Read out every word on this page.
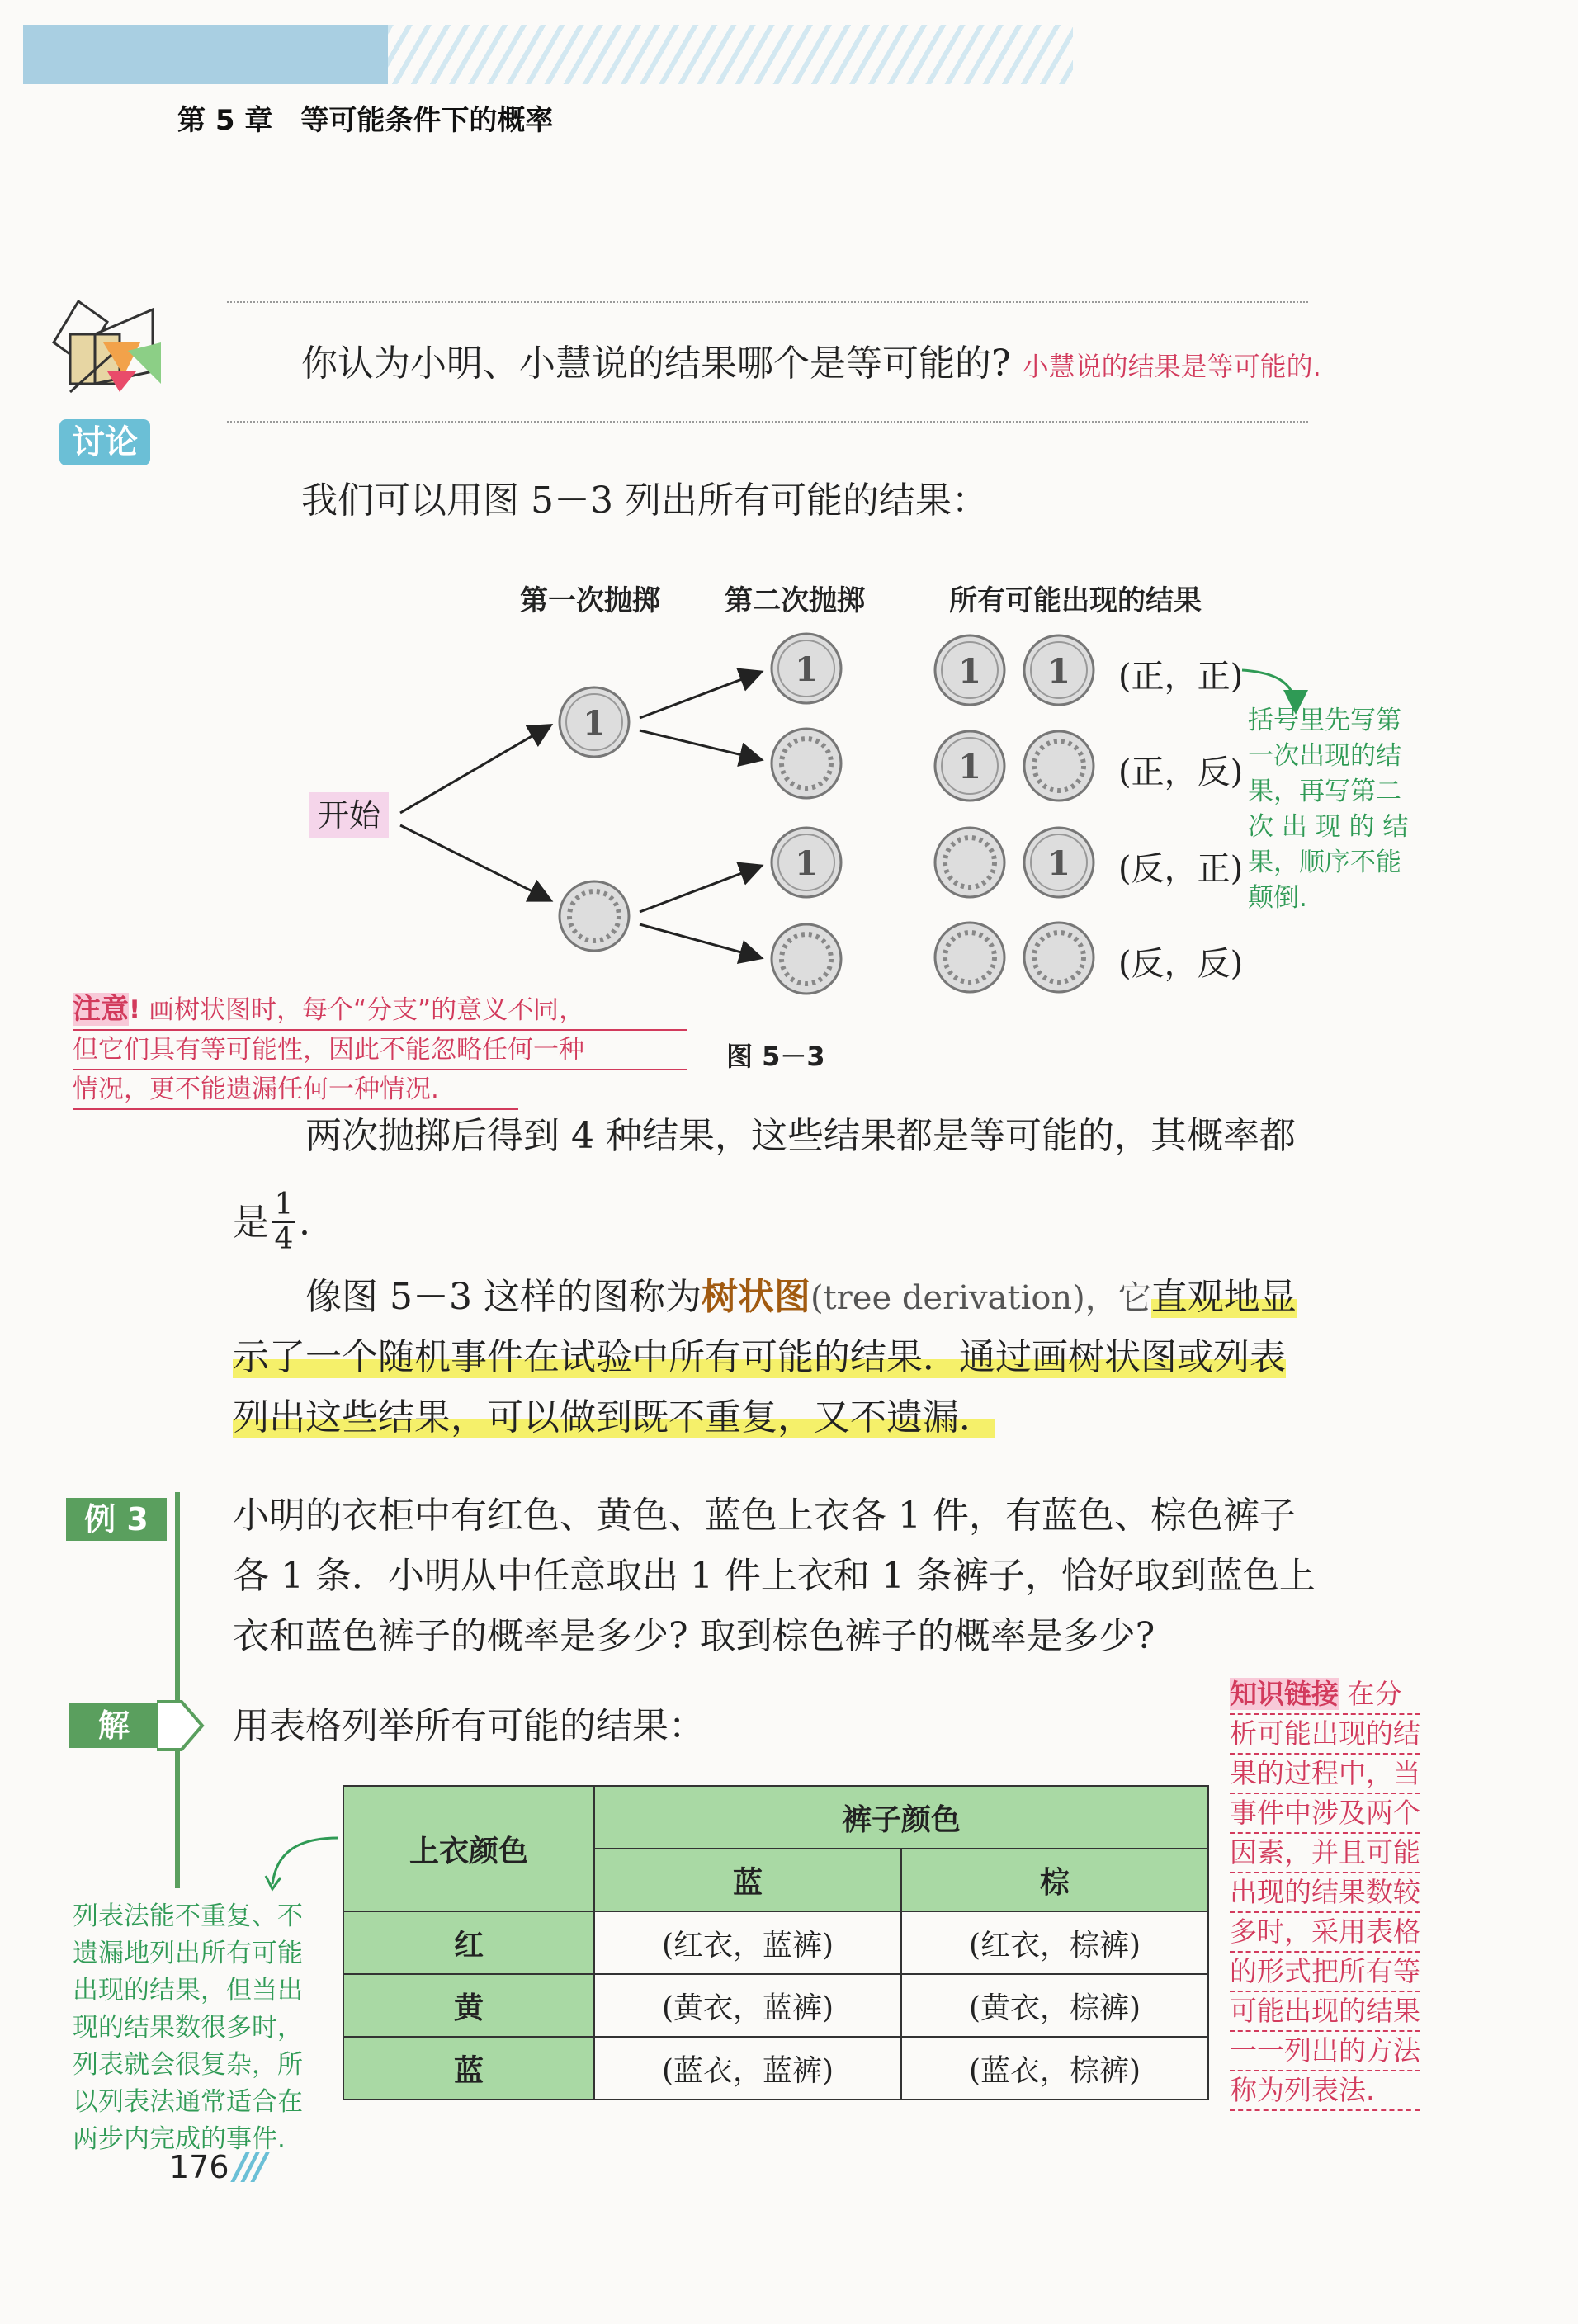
第 5 章　等可能条件下的概率
讨论
你认为小明、小慧说的结果哪个是等可能的? 小慧说的结果是等可能的.
我们可以用图 5－3 列出所有可能的结果：
第一次抛掷 第二次抛掷	所有可能出现的结果
开始
1
1
1
1 1
1
1
(正，正)
(正，反)
(反，正)
(反，反)
括号里先写第
一次出现的结
果，再写第二
次 出 现 的 结
果，顺序不能
颠倒.
图 5－3
注意! 画树状图时，每个“分支”的意义不同，
但它们具有等可能性，因此不能忽略任何一种
情况，更不能遗漏任何一种情况.
两次抛掷后得到 4 种结果，这些结果都是等可能的，其概率都
是 1
4 .
像图 5－3 这样的图称为树状图(tree derivation)，它直观地显
示了一个随机事件在试验中所有可能的结果．通过画树状图或列表
列出这些结果，可以做到既不重复，又不遗漏．
例 3	小明的衣柜中有红色、黄色、蓝色上衣各 1 件，有蓝色、棕色裤子
各 1 条．小明从中任意取出 1 件上衣和 1 条裤子，恰好取到蓝色上
衣和蓝色裤子的概率是多少? 取到棕色裤子的概率是多少?
解	用表格列举所有可能的结果：
知识链接 在分
析可能出现的结
果的过程中，当
事件中涉及两个
因素，并且可能
出现的结果数较
多时，采用表格
的形式把所有等
可能出现的结果
一一列出的方法
称为列表法.
上衣颜色	裤子颜色	
	蓝	棕
红	(红衣，蓝裤)	(红衣，棕裤)
黄	(黄衣，蓝裤)	(黄衣，棕裤)
蓝	(蓝衣，蓝裤)	(蓝衣，棕裤)
列表法能不重复、不
遗漏地列出所有可能
出现的结果，但当出
现的结果数很多时，
列表就会很复杂，所
以列表法通常适合在
两步内完成的事件.
176 ///
